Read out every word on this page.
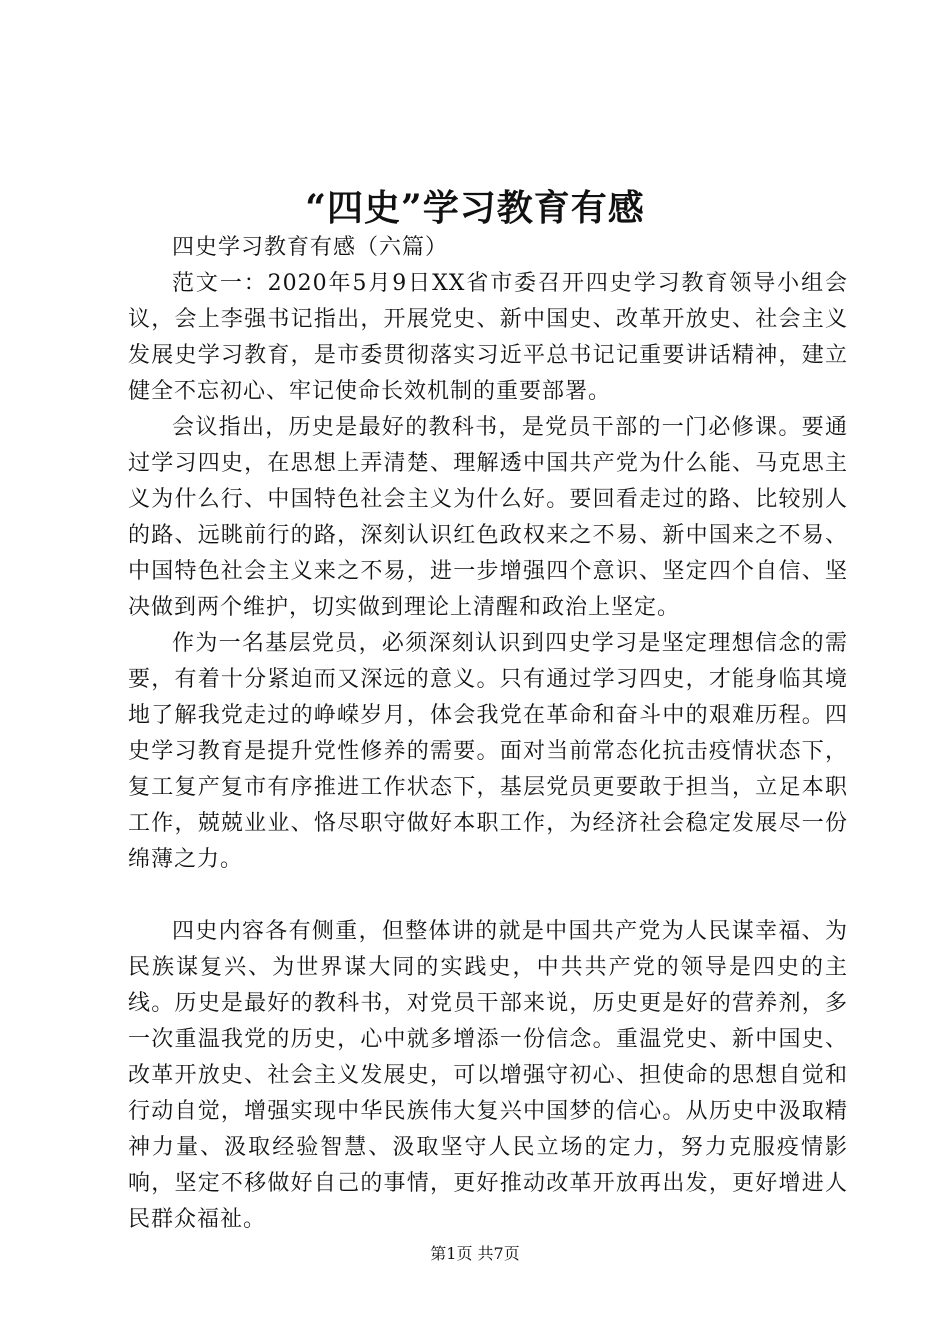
“四史”学习教育有感

四史学习教育有感（六篇）

范文一：2020年5月9日XX省市委召开四史学习教育领导小组会议，会上李强书记指出，开展党史、新中国史、改革开放史、社会主义发展史学习教育，是市委贯彻落实习近平总书记记重要讲话精神，建立健全不忘初心、牢记使命长效机制的重要部署。

会议指出，历史是最好的教科书，是党员干部的一门必修课。要通过学习四史，在思想上弄清楚、理解透中国共产党为什么能、马克思主义为什么行、中国特色社会主义为什么好。要回看走过的路、比较别人的路、远眺前行的路，深刻认识红色政权来之不易、新中国来之不易、中国特色社会主义来之不易，进一步增强四个意识、坚定四个自信、坚决做到两个维护，切实做到理论上清醒和政治上坚定。

作为一名基层党员，必须深刻认识到四史学习是坚定理想信念的需要，有着十分紧迫而又深远的意义。只有通过学习四史，才能身临其境地了解我党走过的峥嵘岁月，体会我党在革命和奋斗中的艰难历程。四史学习教育是提升党性修养的需要。面对当前常态化抗击疫情状态下，复工复产复市有序推进工作状态下，基层党员更要敢于担当，立足本职工作，兢兢业业、恪尽职守做好本职工作，为经济社会稳定发展尽一份绵薄之力。

四史内容各有侧重，但整体讲的就是中国共产党为人民谋幸福、为民族谋复兴、为世界谋大同的实践史，中共共产党的领导是四史的主线。历史是最好的教科书，对党员干部来说，历史更是好的营养剂，多一次重温我党的历史，心中就多增添一份信念。重温党史、新中国史、改革开放史、社会主义发展史，可以增强守初心、担使命的思想自觉和行动自觉，增强实现中华民族伟大复兴中国梦的信心。从历史中汲取精神力量、汲取经验智慧、汲取坚守人民立场的定力，努力克服疫情影响，坚定不移做好自己的事情，更好推动改革开放再出发，更好增进人民群众福祉。

第1页 共7页
